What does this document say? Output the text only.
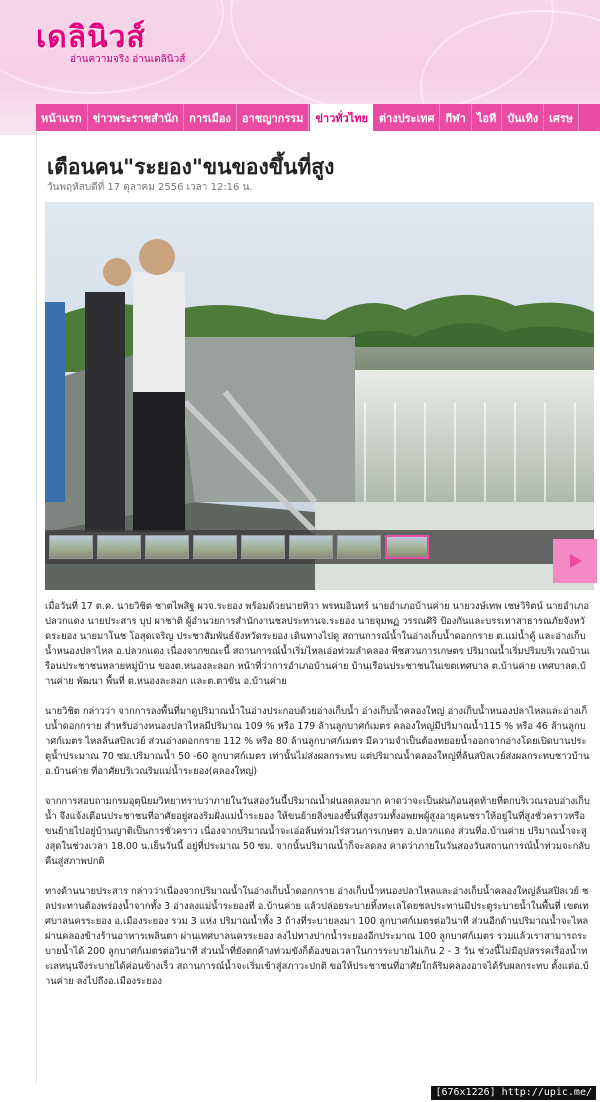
เดลินิวส์
อ่านความจริง อ่านเดลินิวส์
หน้าแรก	ข่าวพระราชสำนัก	การเมือง	อาชญากรรม	ข่าวทั่วไทย	ต่างประเทศ	กีฬา	ไอที	บันเทิง	เศรษ
เตือนคน"ระยอง"ขนของขึ้นที่สูง
วันพฤหัสบดีที่ 17 ตุลาคม 2556 เวลา 12:16 น.

เมื่อวันที่ 17 ต.ค. นายวิชิต ชาตไพสิฐ ผวจ.ระยอง พร้อมด้วยนายทิวา พรหมอินทร์ นายอำเภอบ้านค่าย นายวงษ์เทพ เชษวิริตน์ นายอำเภอปลวกแดง นายประสาร บุป ผาชาติ ผู้อำนวยการสำนักงานชลประทานจ.ระยอง นายจุมพฏ วรรณศิริ ป้องกันและบรรเทาสาธารณภัยจังหวัดระยอง นายมาโนช โอสุดเจริญ ประชาสัมพันธ์จังหวัดระยอง เดินทางไปดู สถานการณ์น้ำในอ่างเก็บน้ำดอกกราย ต.แม่น้ำคู้ และอ่างเก็บน้ำหนองปลาไหล อ.ปลวกแดง เนื่องจากขณะนี้ สถานการณ์น้ำเริ่มไหลเอ่อท่วมลำคลอง พืชสวนการเกษตร ปริมาณน้ำเริ่มปริมบริเวณบ้านเรือนประชาชนหลายหมู่บ้าน ของต.หนองละลอก หน้าที่ว่าการอำเภอบ้านค่าย บ้านเรือนประชาชนในเขตเทศบาล ต.บ้านค่าย เทศบาลต.บ้านค่าย พัฒนา พื้นที่ ต.หนองละลอก และต.ตาขัน อ.บ้านค่าย

นายวิชิต กล่าวว่า จากการลงพื้นที่มาดูปริมาณน้ำในอ่างประกอบด้วยอ่างเก็บน้ำ อ่างเก็บน้ำคลองใหญ่ อ่างเก็บน้ำหนองปลาไหลและอ่างเก็บน้ำดอกกราย สำหรับอ่างหนองปลาไหลมีปริมาณ 109 % หรือ 179 ล้านลูกบาศก์เมตร คลองใหญ่มีปริมาณน้ำ115 % หรือ 46 ล้านลูกบาศก์เมตร ไหลล้นสปิลเวย์ ส่วนอ่างดอกกราย 112 % หรือ 80 ล้านลูกบาศก์เมตร มีความจำเป็นต้องทยอยน้ำออกจากอ่างโดยเปิดบานประตูน้ำประมาณ 70 ซม.ปริมาณน้ำ 50 -60 ลูกบาศก์เมตร เท่านั้นไม่ส่งผลกระทบ แต่ปริมาณน้ำคลองใหญ่ที่ล้นสปิลเวย์ส่งผลกระทบชาวบ้าน อ.บ้านค่าย ที่อาศัยบริเวณริมแม่น้ำระยอง(คลองใหญ่)

จากการสอบถามกรมอุตุนิยมวิทยาทราบว่าภายในวันสองวันนี้ปริมาณน้ำฝนลดลงมาก คาดว่าจะเป็นฝนก้อนสุดท้ายที่ตกบริเวณรอบอ่างเก็บน้ำ จึงแจ้งเตือนประชาชนที่อาศัยอยู่สองริมฝั่งแม่น้ำระยอง ให้ขนย้ายสิ่งของขึ้นที่สูงรวมทั้งอพยพผู้สูงอายุคนชราให้อยู่ในที่สูงชั่วคราวหรือขนย้ายไปอยู่บ้านญาติเป็นการชั่วคราว เนื่องจากปริมาณน้ำจะเอ่อล้นท่วมไร่สวนการเกษตร อ.ปลวกแดง ส่วนที่อ.บ้านค่าย ปริมาณน้ำจะสูงสุดในช่วงเวลา 18.00 น.เย็นวันนี้ อยู่ที่ประมาณ 50 ซม. จากนั้นปริมาณน้ำก็จะลดลง คาดว่าภายในวันสองวันสถานการณ์น้ำท่วมจะกลับคืนสู่สภาพปกติ

ทางด้านนายประสาร กล่าวว่าเนื่องจากปริมาณน้ำในอ่างเก็บน้ำดอกกราย อ่างเก็บน้ำหนองปลาไหลและอ่างเก็บน้ำคลองใหญ่ล้นสปิลเวย์ ชลประทานต้องพร่องน้ำจากทั้ง 3 อ่างลงแม่น้ำระยองที่ อ.บ้านค่าย แล้วปล่อยระบายทิ้งทะเลโดยชลประทานมีประตูระบายน้ำในพื้นที่ เขตเทศบาลนครระยอง อ.เมืองระยอง รวม 3 แห่ง ปริมาณน้ำทั้ง 3 ถ้างที่ระบายลงมา 100 ลูกบาศก์เมตรต่อวินาที ส่วนอีกด้านปริมาณน้ำจะไหลผ่านคลองข้างร้านอาหารเพลินตา ผ่านเทศบาลนครระยอง ลงไปทางปากน้ำระยองอีกประมาณ 100 ลูกบาศก์เมตร รวมแล้วเราสามารถระบายน้ำได้ 200 ลูกบาศก์เมตรต่อวินาที ส่วนน้ำที่ยังตกค้างท่วมขังก็ต้องขอเวลาในการระบายไม่เกิน 2 - 3 วัน ช่วงนี้ไม่มีอุปสรรคเรื่องน้ำทะเลหนุนจึงระบายได้ค่อนข้างเร็ว สถานการณ์น้ำจะเริ่มเข้าสู่สภาวะปกติ ขอให้ประชาชนที่อาศัยใกล้ริมคลองอาจได้รับผลกระทบ ตั้งแต่อ.บ้านค่าย ลงไปถึงอ.เมืองระยอง

[676x1226] http://upic.me/
